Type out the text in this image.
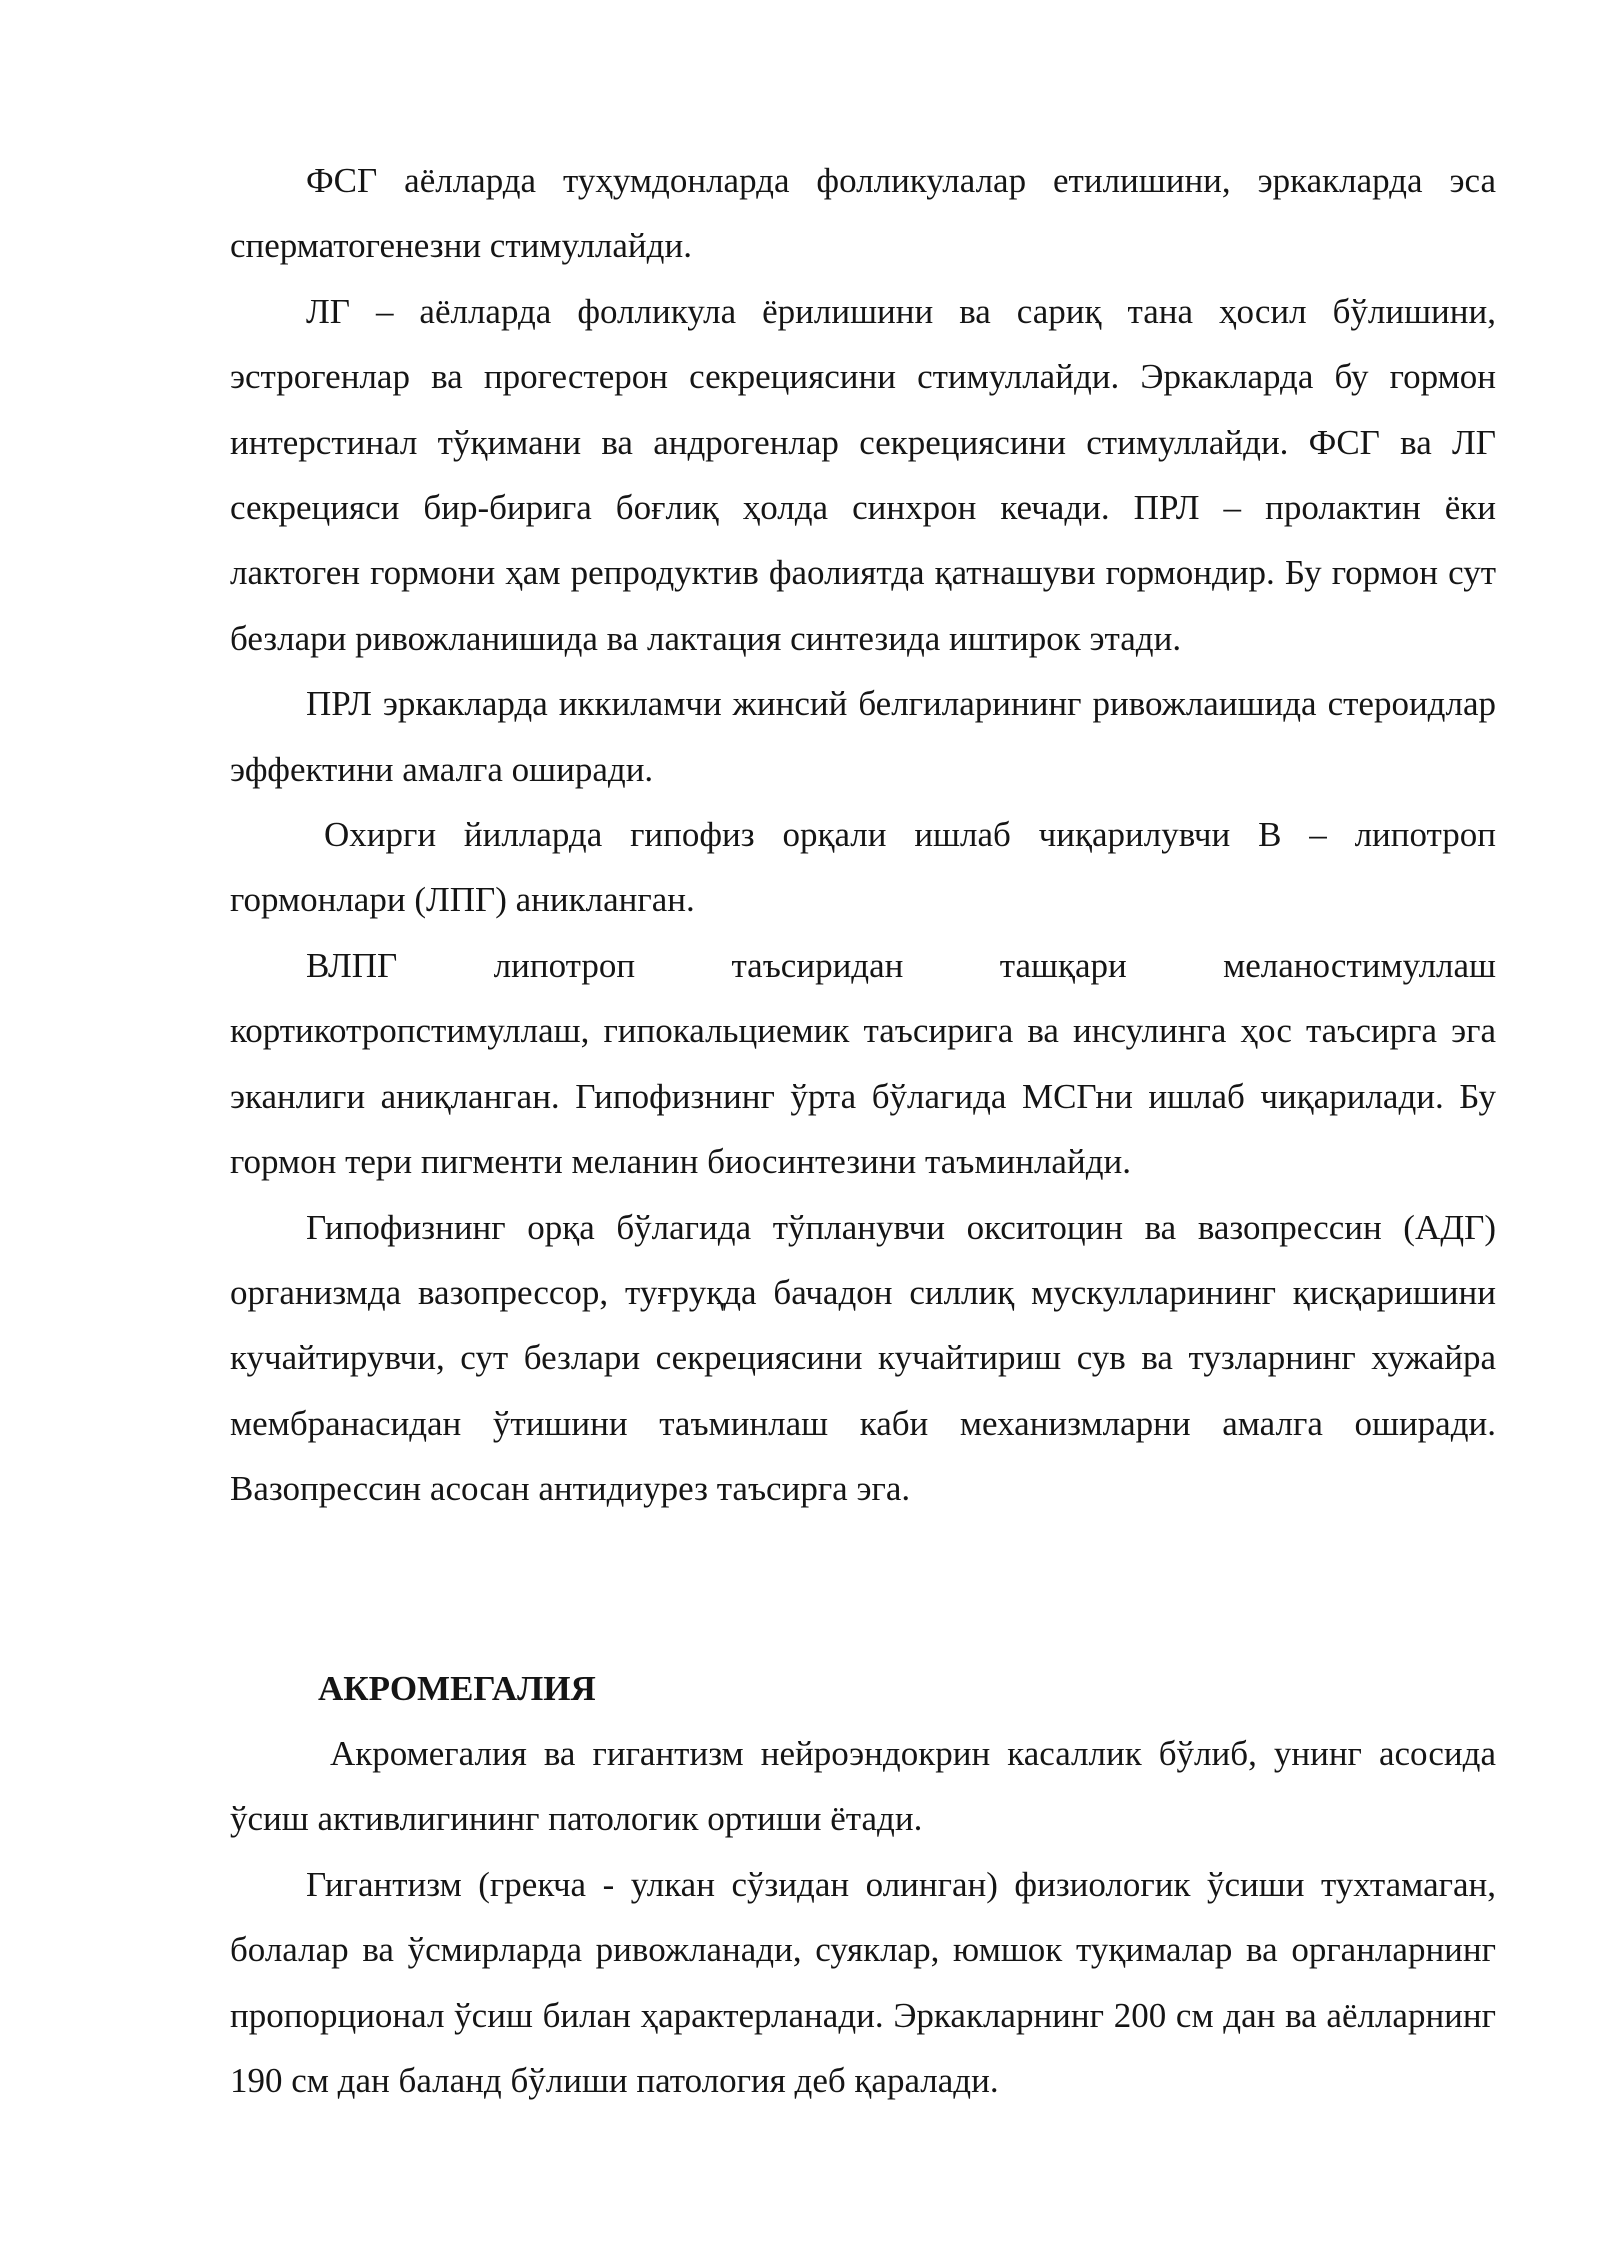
ФСГ аёлларда туҳумдонларда фолликулалар етилишини, эркакларда эса сперматогенезни стимуллайди.

ЛГ – аёлларда фолликула ёрилишини ва сариқ тана ҳосил бўлишини, эстрогенлар ва прогестерон секрециясини стимуллайди. Эркакларда бу гормон интерстинал тўқимани ва андрогенлар секрециясини стимуллайди. ФСГ ва ЛГ секрецияси бир-бирига боғлиқ ҳолда синхрон кечади. ПРЛ – пролактин ёки лактоген гормони ҳам репродуктив фаолиятда қатнашуви гормондир. Бу гормон сут безлари ривожланишида ва лактация синтезида иштирок этади.

ПРЛ эркакларда иккиламчи жинсий белгиларининг ривожлаишида стероидлар эффектини амалга оширади.

Охирги йилларда гипофиз орқали ишлаб чиқарилувчи В – липотроп гормонлари (ЛПГ) аникланган.

ВЛПГ липотроп таъсиридан ташқари меланостимуллаш кортикотропстимуллаш, гипокальциемик таъсирига ва инсулинга ҳос таъсирга эга эканлиги аниқланган. Гипофизнинг ўрта бўлагида МСГни ишлаб чиқарилади. Бу гормон тери пигменти меланин биосинтезини таъминлайди.

Гипофизнинг орқа бўлагида тўпланувчи окситоцин ва вазопрессин (АДГ) организмда вазопрессор, туғруқда бачадон силлиқ мускулларининг қисқаришини кучайтирувчи, сут безлари секрециясини кучайтириш сув ва тузларнинг хужайра мембранасидан ўтишини таъминлаш каби механизмларни амалга оширади. Вазопрессин асосан антидиурез таъсирга эга.

АКРОМЕГАЛИЯ

Акромегалия ва гигантизм нейроэндокрин касаллик бўлиб, унинг асосида ўсиш активлигининг патологик ортиши ётади.

Гигантизм (грекча - улкан сўзидан олинган) физиологик ўсиши тухтамаган, болалар ва ўсмирларда ривожланади, суяклар, юмшок туқималар ва органларнинг пропорционал ўсиш билан ҳарактерланади. Эркакларнинг 200 см дан ва аёлларнинг 190 см дан баланд бўлиши патология деб қаралади.
